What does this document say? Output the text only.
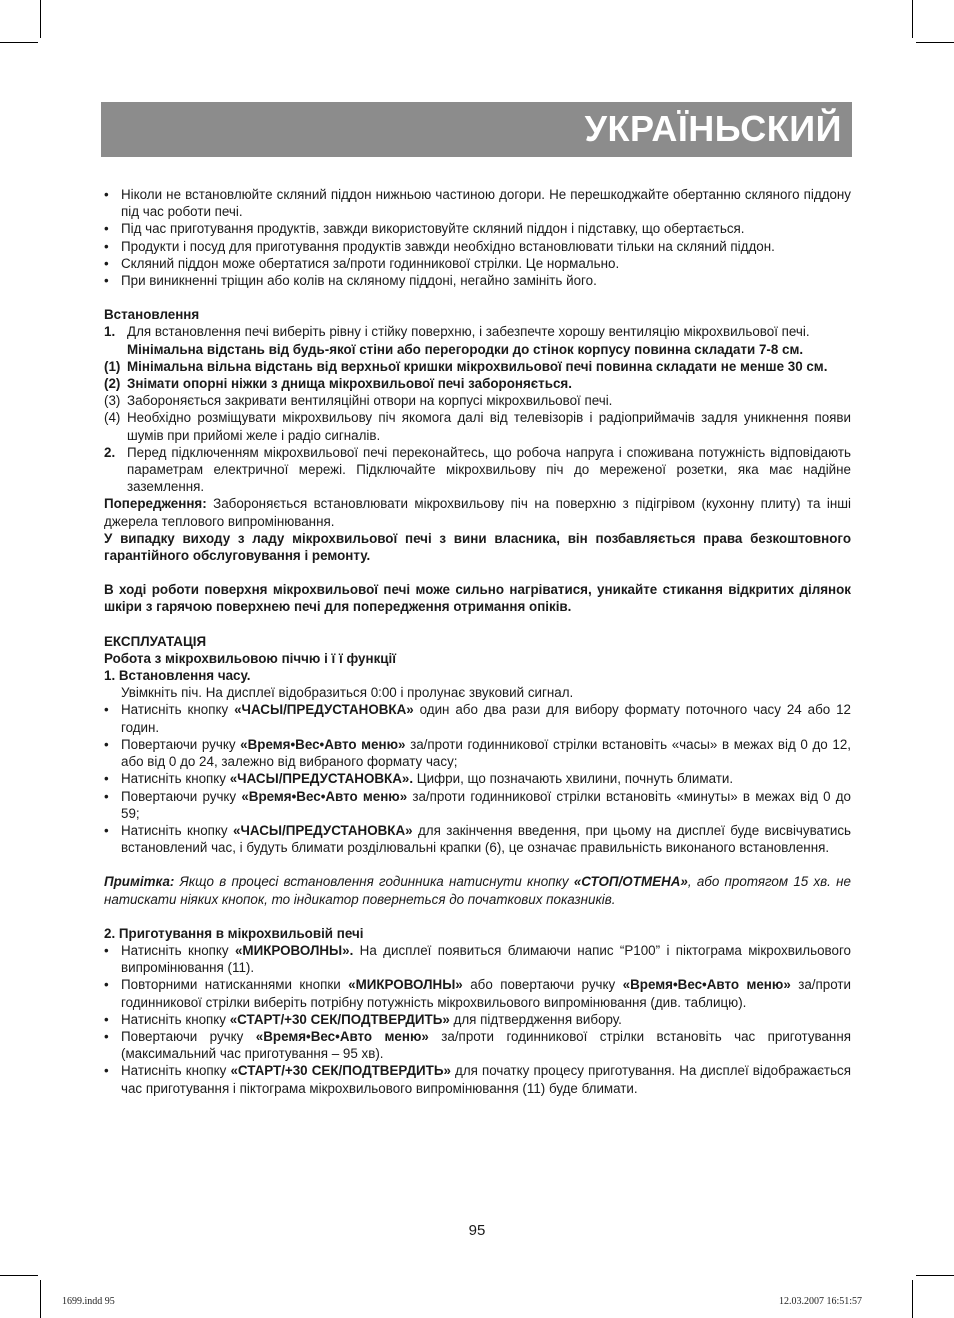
УКРАЇНЬСКИЙ
• Ніколи не встановлюйте скляний піддон нижньою частиною догори. Не перешкоджайте обертанню скляного піддону під час роботи печі.
• Під час приготування продуктів, завжди використовуйте скляний піддон і підставку, що обертається.
• Продукти і посуд для приготування продуктів завжди необхідно встановлювати тільки на скляний піддон.
• Скляний піддон може обертатися за/проти годинникової стрілки. Це нормально.
• При виникненні тріщин або колів на скляному піддоні, негайно замініть його.
Встановлення
1. Для встановлення печі виберіть рівну і стійку поверхню, і забезпечте хорошу вентиляцію мікрохвильової печі.
Мінімальна відстань від будь-якої стіни або перегородки до стінок корпусу повинна складати 7-8 см.
(1) Мінімальна вільна відстань від верхньої кришки мікрохвильової печі повинна складати не менше 30 см.
(2) Знімати опорні ніжки з днища мікрохвильової печі забороняється.
(3) Забороняється закривати вентиляційні отвори на корпусі мікрохвильової печі.
(4) Необхідно розміщувати мікрохвильову піч якомога далі від телевізорів і радіоприймачів задля уникнення появи шумів при прийомі желе і радіо сигналів.
2. Перед підключенням мікрохвильової печі переконайтесь, що робоча напруга і споживана потужність відповідають параметрам електричної мережі. Підключайте мікрохвильову піч до мереженої розетки, яка має надійне заземлення.
Попередження: Забороняється встановлювати мікрохвильову піч на поверхню з підігрівом (кухонну плиту) та інші джерела теплового випромінювання.
У випадку виходу з ладу мікрохвильової печі з вини власника, він позбавляється права безкоштовного гарантійного обслуговування і ремонту.
В ході роботи поверхня мікрохвильової печі може сильно нагріватися, уникайте стикання відкритих ділянок шкіри з гарячою поверхнею печі для попередження отримання опіків.
ЕКСПЛУАТАЦІЯ
Робота з мікрохвильовою піччю і ї ї функції
1. Встановлення часу.
Увімкніть піч. На дисплеї відобразиться 0:00 і пролунає звуковий сигнал.
• Натисніть кнопку «ЧАСЫ/ПРЕДУСТАНОВКА» один або два рази для вибору формату поточного часу 24 або 12 годин.
• Повертаючи ручку «Время•Вес•Авто меню» за/проти годинникової стрілки встановіть «часы» в межах від 0 до 12, або від 0 до 24, залежно від вибраного формату часу;
• Натисніть кнопку «ЧАСЫ/ПРЕДУСТАНОВКА». Цифри, що позначають хвилини, почнуть блимати.
• Повертаючи ручку «Время•Вес•Авто меню» за/проти годинникової стрілки встановіть «минуты» в межах від 0 до 59;
• Натисніть кнопку «ЧАСЫ/ПРЕДУСТАНОВКА» для закінчення введення, при цьому на дисплеї буде висвічуватись встановлений час, і будуть блимати розділювальні крапки (6), це означає правильність виконаного встановлення.
Примітка: Якщо в процесі встановлення годинника натиснути кнопку «СТОП/ОТМЕНА», або протягом 15 хв. не натискати ніяких кнопок, то індикатор повернеться до початкових показників.
2. Приготування в мікрохвильовій печі
• Натисніть кнопку «МИКРОВОЛНЫ». На дисплеї появиться блимаючи напис “P100” і піктограма мікрохвильового випромінювання (11).
• Повторними натисканнями кнопки «МИКРОВОЛНЫ» або повертаючи ручку «Время•Вес•Авто меню» за/проти годинникової стрілки виберіть потрібну потужність мікрохвильового випромінювання (див. таблицю).
• Натисніть кнопку «СТАРТ/+30 СЕК/ПОДТВЕРДИТЬ» для підтвердження вибору.
• Повертаючи ручку «Время•Вес•Авто меню» за/проти годинникової стрілки встановіть час приготування (максимальний час приготування – 95 хв).
• Натисніть кнопку «СТАРТ/+30 СЕК/ПОДТВЕРДИТЬ» для початку процесу приготування. На дисплеї відображається час приготування і піктограма мікрохвильового випромінювання (11) буде блимати.
95
1699.indd 95	12.03.2007 16:51:57
